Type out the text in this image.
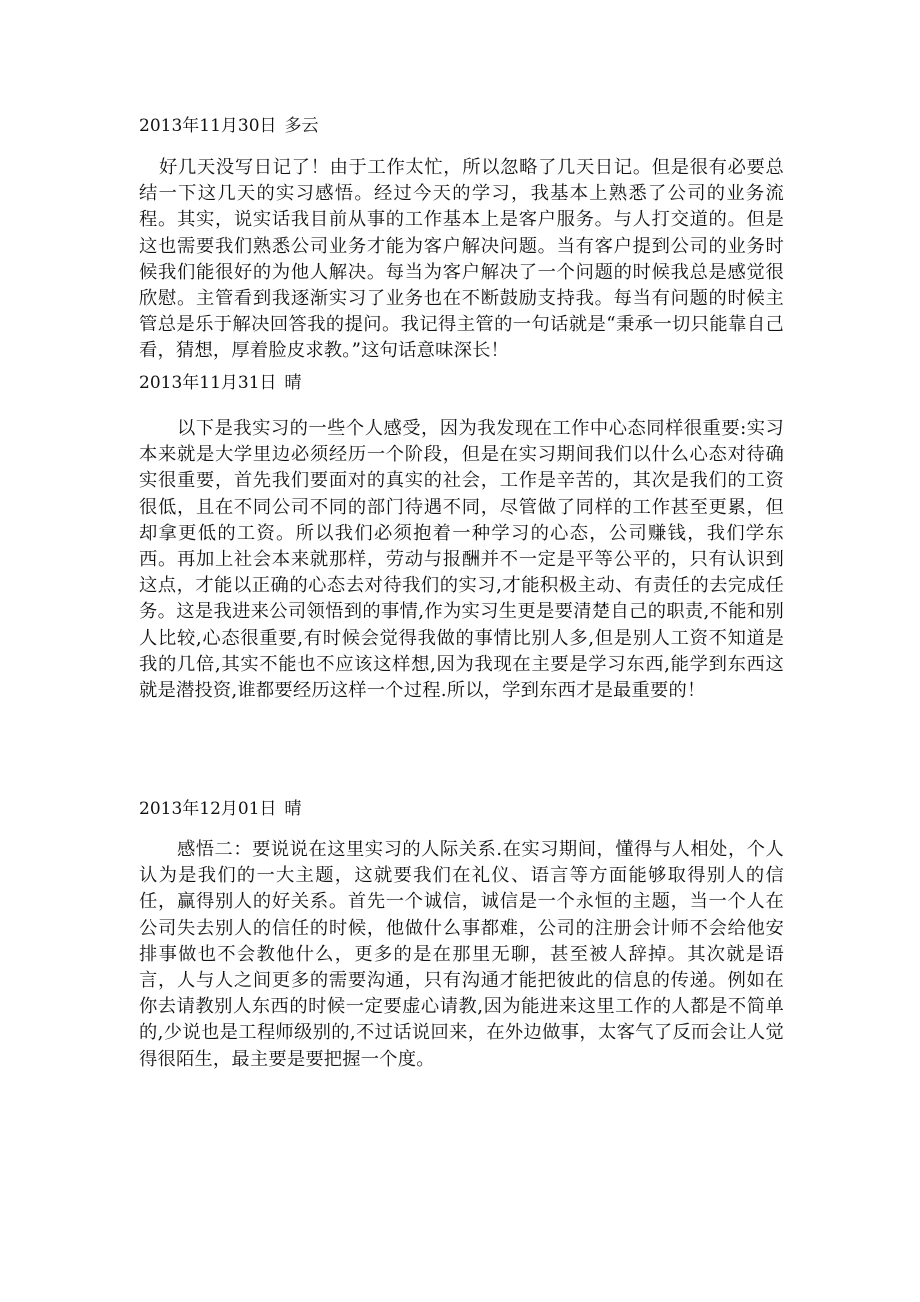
2013年11月30日 多云

好几天没写日记了！由于工作太忙，所以忽略了几天日记。但是很有必要总结一下这几天的实习感悟。经过今天的学习，我基本上熟悉了公司的业务流程。其实，说实话我目前从事的工作基本上是客户服务。与人打交道的。但是这也需要我们熟悉公司业务才能为客户解决问题。当有客户提到公司的业务时候我们能很好的为他人解决。每当为客户解决了一个问题的时候我总是感觉很欣慰。主管看到我逐渐实习了业务也在不断鼓励支持我。每当有问题的时候主管总是乐于解决回答我的提问。我记得主管的一句话就是“秉承一切只能靠自己看，猜想，厚着脸皮求教。”这句话意味深长！

2013年11月31日 晴

以下是我实习的一些个人感受，因为我发现在工作中心态同样很重要:实习本来就是大学里边必须经历一个阶段，但是在实习期间我们以什么心态对待确实很重要，首先我们要面对的真实的社会，工作是辛苦的，其次是我们的工资很低，且在不同公司不同的部门待遇不同，尽管做了同样的工作甚至更累，但却拿更低的工资。所以我们必须抱着一种学习的心态，公司赚钱，我们学东西。再加上社会本来就那样，劳动与报酬并不一定是平等公平的，只有认识到这点，才能以正确的心态去对待我们的实习,才能积极主动、有责任的去完成任务。这是我进来公司领悟到的事情,作为实习生更是要清楚自己的职责,不能和别人比较,心态很重要,有时候会觉得我做的事情比别人多,但是别人工资不知道是我的几倍,其实不能也不应该这样想,因为我现在主要是学习东西,能学到东西这就是潜投资,谁都要经历这样一个过程.所以，学到东西才是最重要的！

2013年12月01日 晴

感悟二：要说说在这里实习的人际关系.在实习期间，懂得与人相处，个人认为是我们的一大主题，这就要我们在礼仪、语言等方面能够取得别人的信任，赢得别人的好关系。首先一个诚信，诚信是一个永恒的主题，当一个人在公司失去别人的信任的时候，他做什么事都难，公司的注册会计师不会给他安排事做也不会教他什么，更多的是在那里无聊，甚至被人辞掉。其次就是语言，人与人之间更多的需要沟通，只有沟通才能把彼此的信息的传递。例如在你去请教别人东西的时候一定要虚心请教,因为能进来这里工作的人都是不简单的,少说也是工程师级别的,不过话说回来，在外边做事，太客气了反而会让人觉得很陌生，最主要是要把握一个度。
